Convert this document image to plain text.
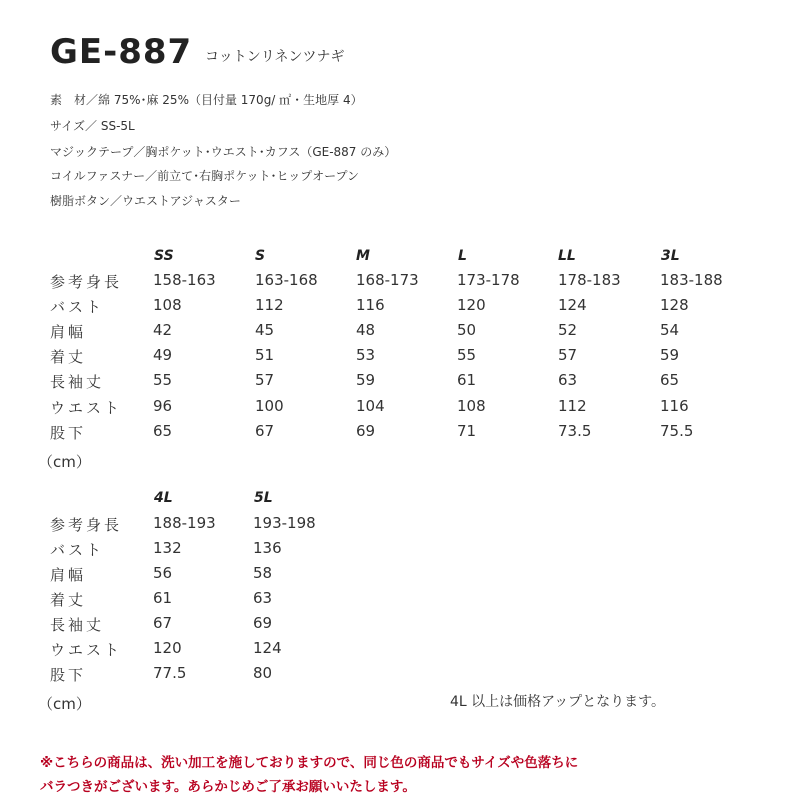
GE-887 コットンリネンツナギ
素　材／綿 75%･麻 25%（目付量 170g/ ㎡・生地厚 4）
サイズ／ SS-5L
マジックテープ／胸ポケット･ウエスト･カフス（GE-887 のみ）
コイルファスナー／前立て･右胸ポケット･ヒップオープン
樹脂ボタン／ウエストアジャスター
SS	S	M	L	LL	3L
参考身長 158-163	163-168	168-173	173-178	178-183	183-188
バスト	108	112	116	120	124	128
肩幅	42	45	48	50	52	54
着丈	49	51	53	55	57	59
長袖丈	55	57	59	61	63	65
ウエスト 96	100	104	108	112	116
股下	65	67	69	71	73.5	75.5
（cm）
4L	5L
参考身長 188-193 193-198
バスト	132	136
肩幅	56	58
着丈	61	63
長袖丈	67	69
ウエスト 120	124
股下	77.5	80
（cm）	4L 以上は価格アップとなります。
※こちらの商品は、洗い加工を施しておりますので、同じ色の商品でもサイズや色落ちに
バラつきがございます。あらかじめご了承お願いいたします。
